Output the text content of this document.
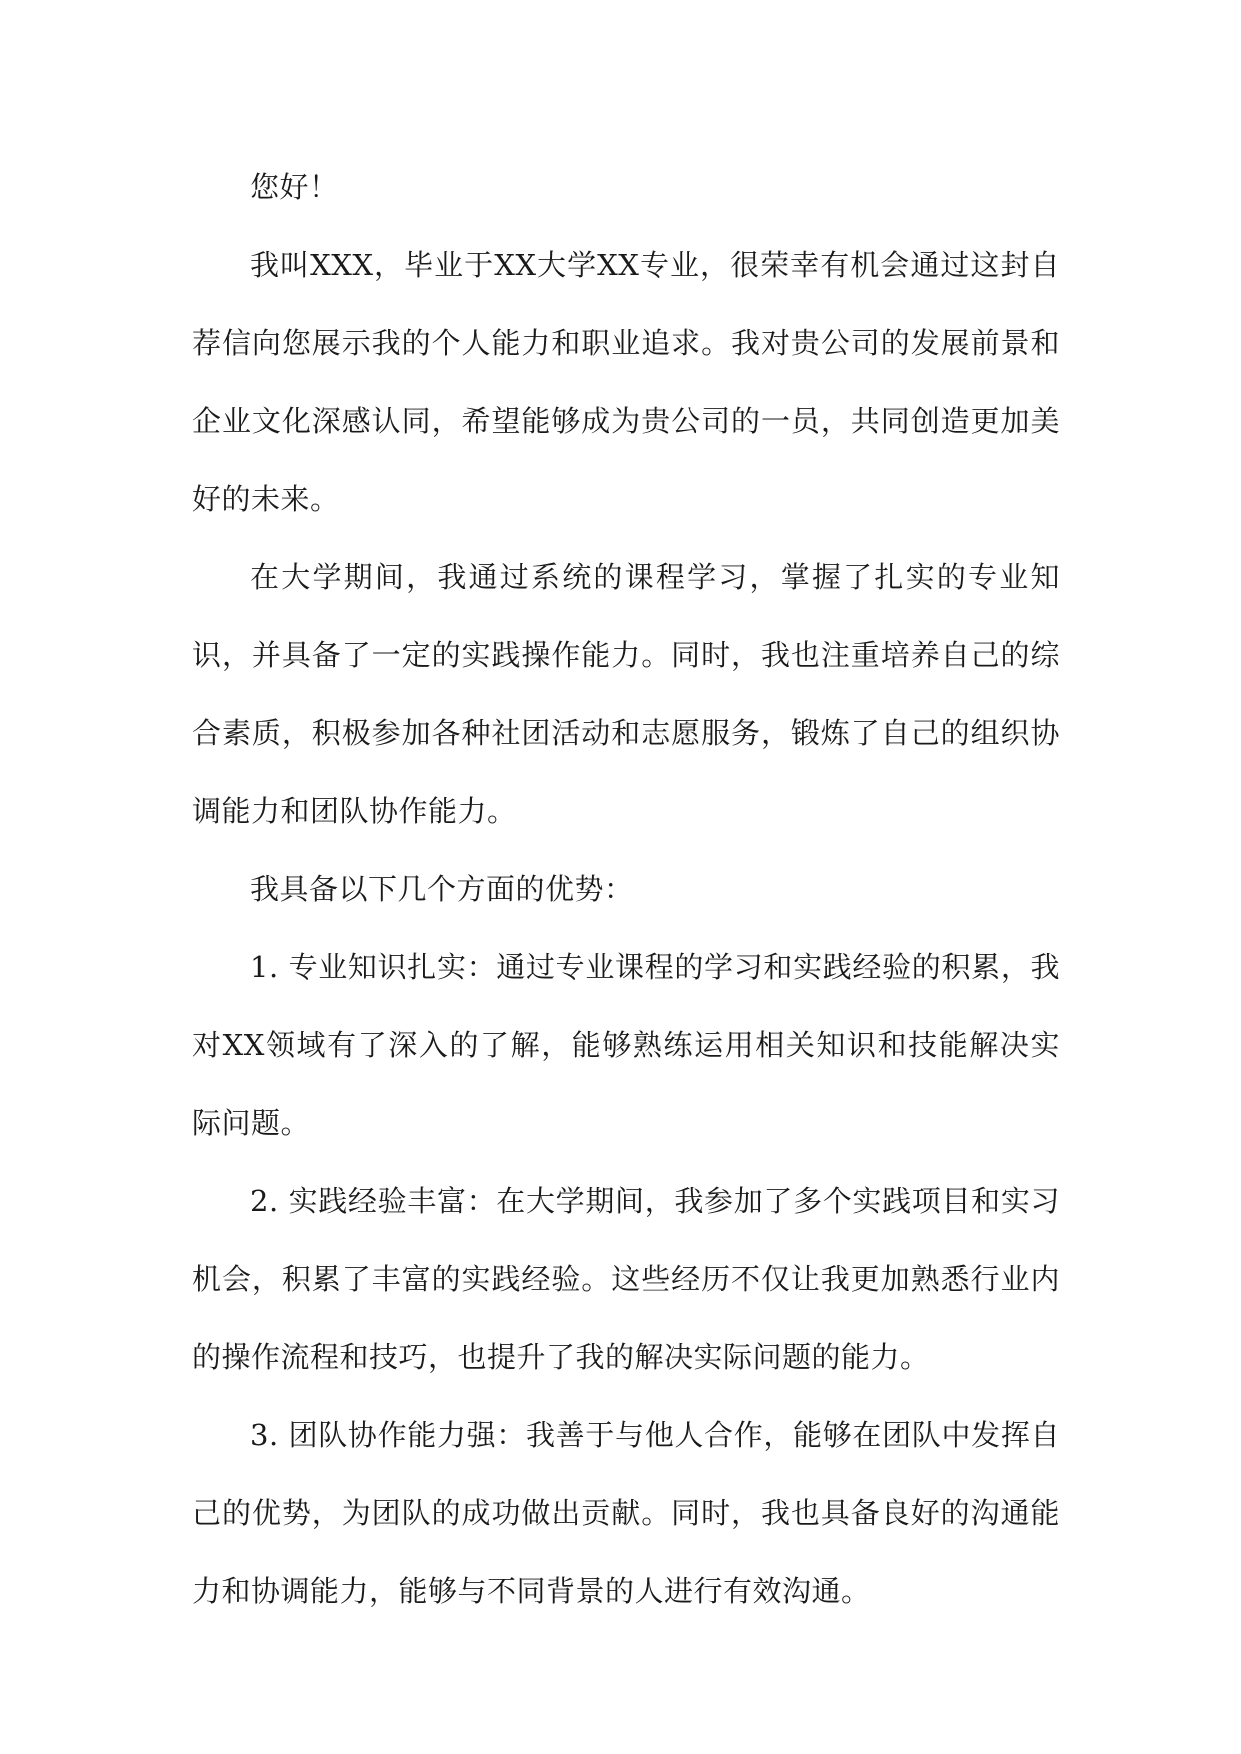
您好！

我叫XXX，毕业于XX大学XX专业，很荣幸有机会通过这封自荐信向您展示我的个人能力和职业追求。我对贵公司的发展前景和企业文化深感认同，希望能够成为贵公司的一员，共同创造更加美好的未来。

在大学期间，我通过系统的课程学习，掌握了扎实的专业知识，并具备了一定的实践操作能力。同时，我也注重培养自己的综合素质，积极参加各种社团活动和志愿服务，锻炼了自己的组织协调能力和团队协作能力。

我具备以下几个方面的优势：

1. 专业知识扎实：通过专业课程的学习和实践经验的积累，我对XX领域有了深入的了解，能够熟练运用相关知识和技能解决实际问题。

2. 实践经验丰富：在大学期间，我参加了多个实践项目和实习机会，积累了丰富的实践经验。这些经历不仅让我更加熟悉行业内的操作流程和技巧，也提升了我的解决实际问题的能力。

3. 团队协作能力强：我善于与他人合作，能够在团队中发挥自己的优势，为团队的成功做出贡献。同时，我也具备良好的沟通能力和协调能力，能够与不同背景的人进行有效沟通。
